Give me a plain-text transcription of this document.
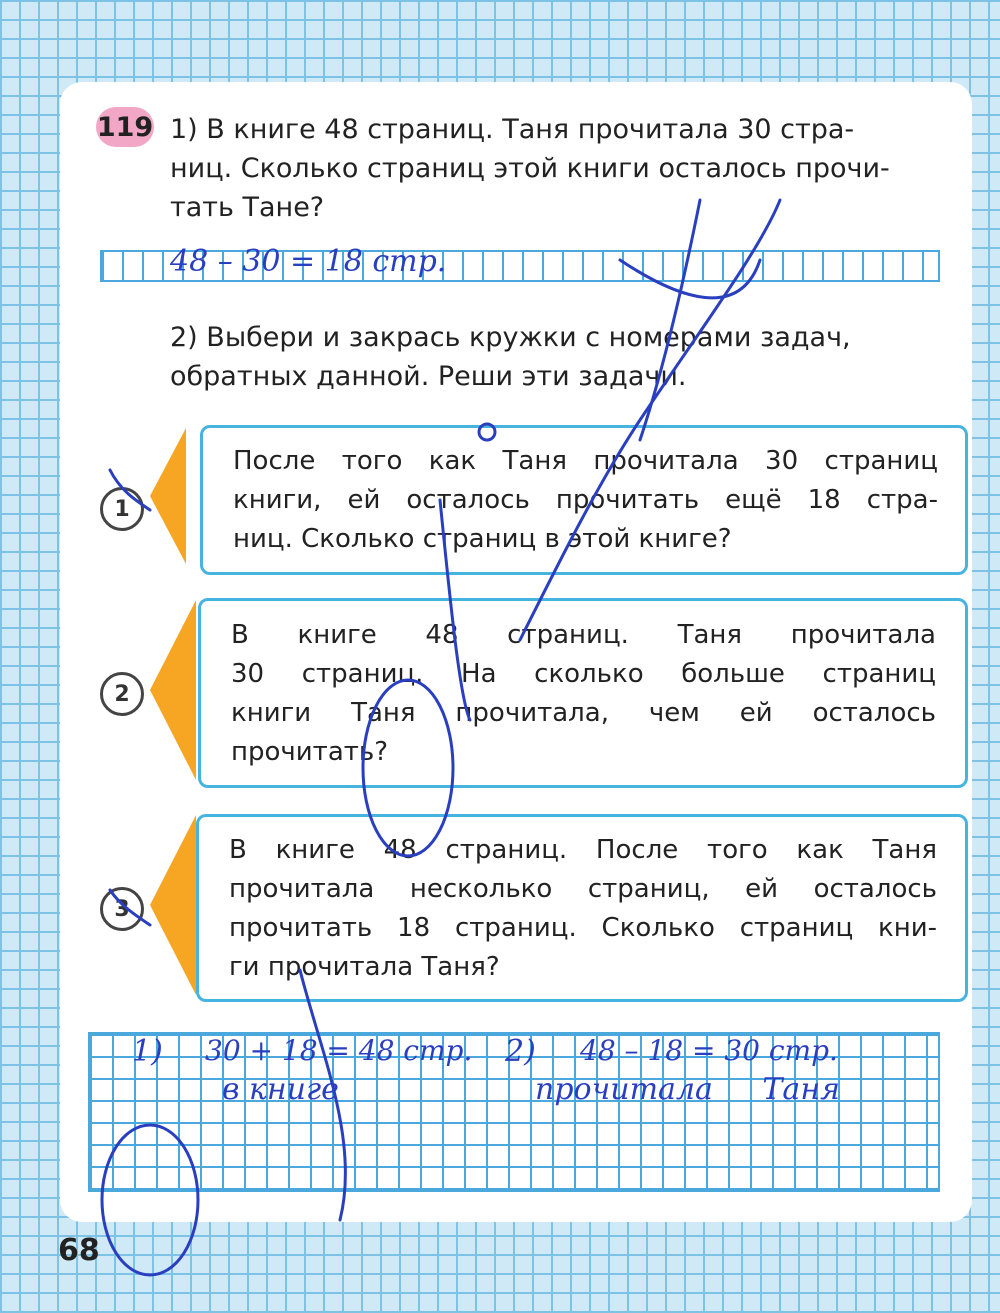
119 1) В книге 48 страниц. Таня прочитала 30 стра-
ниц. Сколько страниц этой книги осталось прочи-
тать Тане?
48 – 30 = 18 стр.
2) Выбери и закрась кружки с номерами задач,
обратных данной. Реши эти задачи.
1
После того как Таня прочитала 30 страниц
книги, ей осталось прочитать ещё 18 стра-
ниц. Сколько страниц в этой книге?
2
В книге 48 страниц. Таня прочитала
30 страниц. На сколько больше страниц
книги Таня прочитала, чем ей осталось
прочитать?
3
В книге 48 страниц. После того как Таня
прочитала несколько страниц, ей осталось
прочитать 18 страниц. Сколько страниц кни-
ги прочитала Таня?
1) 30 + 18 = 48 стр.
в книге
2) 48 – 18 = 30 стр.
прочитала Таня
68
